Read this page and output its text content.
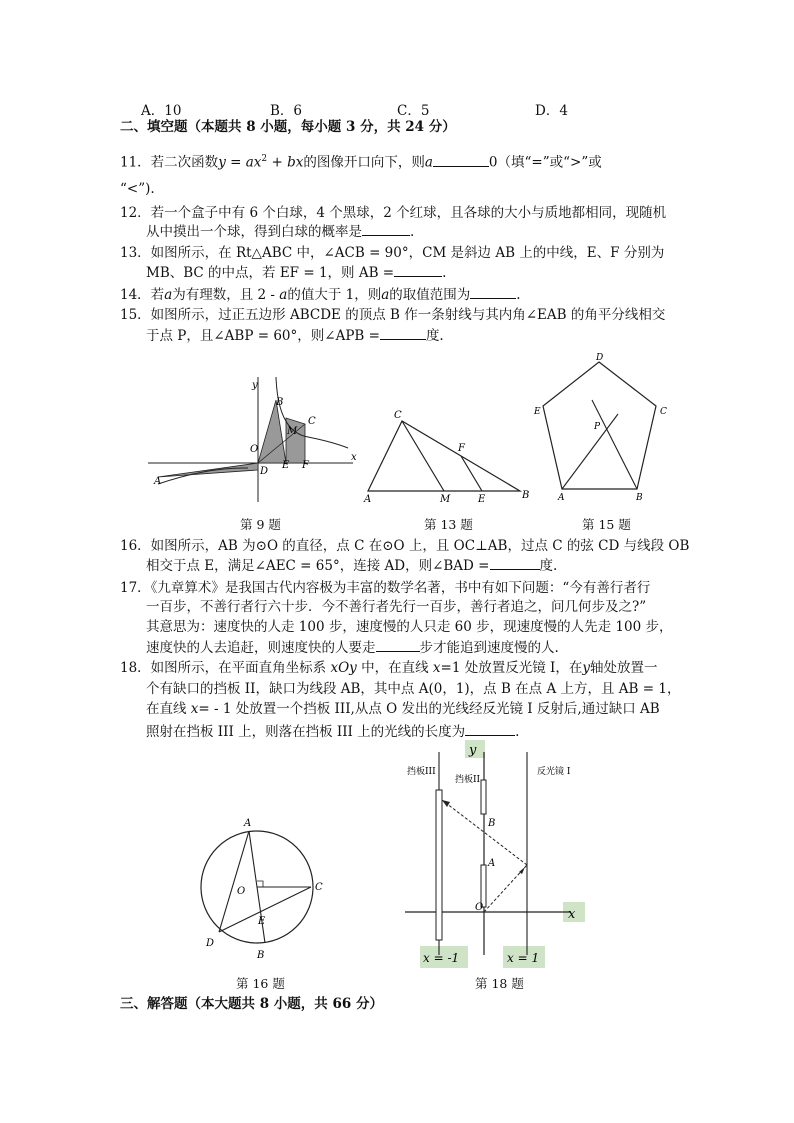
A．10	B．6	C．5	D．4
二、填空题（本题共 8 小题，每小题 3 分，共 24 分）
11．若二次函数$y = ax^2$ + bx的图像开口向下，则a	0（填“=”或“>”或
“<”).
12．若一个盒子中有 6 个白球，4 个黑球，2 个红球，且各球的大小与质地都相同，现随机
从中摸出一个球，得到白球的概率是	.
13．如图所示，在 Rt△ABC 中，∠ACB = 90°，CM 是斜边 AB 上的中线，E、F 分别为
MB、BC 的中点，若 EF = 1，则 AB =	.
14．若a为有理数，且 2 - a的值大于 1，则a的取值范围为	.
15．如图所示，过正五边形 ABCDE 的顶点 B 作一条射线与其内角∠EAB 的角平分线相交
于点 P，且∠ABP = 60°，则∠APB =	度.
y
x
B
C
M
O
D
E F
A
C
F
A	M	E	B
D
E	C
P
A	B
第 9 题	第 13 题	第 15 题
16．如图所示，AB 为⊙O 的直径，点 C 在⊙O 上，且 OC⊥AB，过点 C 的弦 CD 与线段 OB
相交于点 E，满足∠AEC = 65°，连接 AD，则∠BAD =	度.
17．《九章算术》是我国古代内容极为丰富的数学名著，书中有如下问题：“今有善行者行
一百步，不善行者行六十步．今不善行者先行一百步，善行者追之，问几何步及之?”
其意思为：速度快的人走 100 步，速度慢的人只走 60 步，现速度慢的人先走 100 步，
速度快的人去追赶，则速度快的人要走	步才能追到速度慢的人.
18．如图所示，在平面直角坐标系 xOy 中，在直线 x=1 处放置反光镜 I，在y轴处放置一
个有缺口的挡板 II，缺口为线段 AB，其中点 A(0，1)，点 B 在点 A 上方，且 AB = 1，
在直线 x= - 1 处放置一个挡板 III,从点 O 发出的光线经反光镜 I 反射后,通过缺口 AB
照射在挡板 III 上，则落在挡板 III 上的光线的长度为	.
A
O	C
E
D
B
y
挡板III
挡板II
反光镜 I
B
A
O	x
x = -1	x = 1
第 16 题	第 18 题
三、解答题（本大题共 8 小题，共 66 分）
